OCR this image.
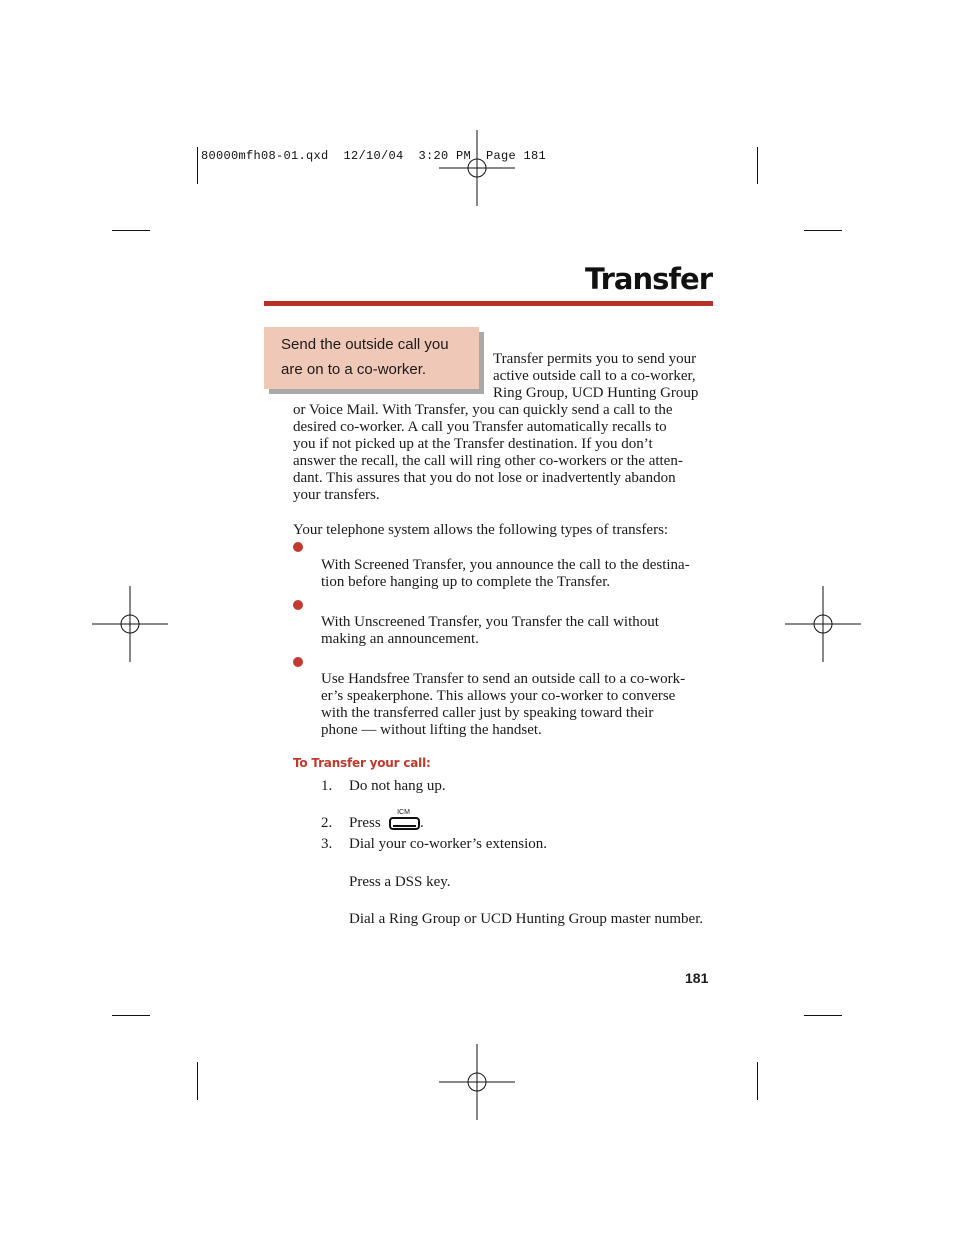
80000mfh08-01.qxd  12/10/04  3:20 PM  Page 181
Transfer
Send the outside call you
are on to a co-worker.
Transfer permits you to send your
active outside call to a co-worker,
Ring Group, UCD Hunting Group
or Voice Mail. With Transfer, you can quickly send a call to the
desired co-worker. A call you Transfer automatically recalls to
you if not picked up at the Transfer destination. If you don’t
answer the recall, the call will ring other co-workers or the atten-
dant. This assures that you do not lose or inadvertently abandon
your transfers.
Your telephone system allows the following types of transfers:
With Screened Transfer, you announce the call to the destina-
tion before hanging up to complete the Transfer.
With Unscreened Transfer, you Transfer the call without
making an announcement.
Use Handsfree Transfer to send an outside call to a co-work-
er’s speakerphone. This allows your co-worker to converse
with the transferred caller just by speaking toward their
phone — without lifting the handset.
To Transfer your call:
1. Do not hang up.
2. Press
ICM
.
3. Dial your co-worker’s extension.
Press a DSS key.
Dial a Ring Group or UCD Hunting Group master number.
181
